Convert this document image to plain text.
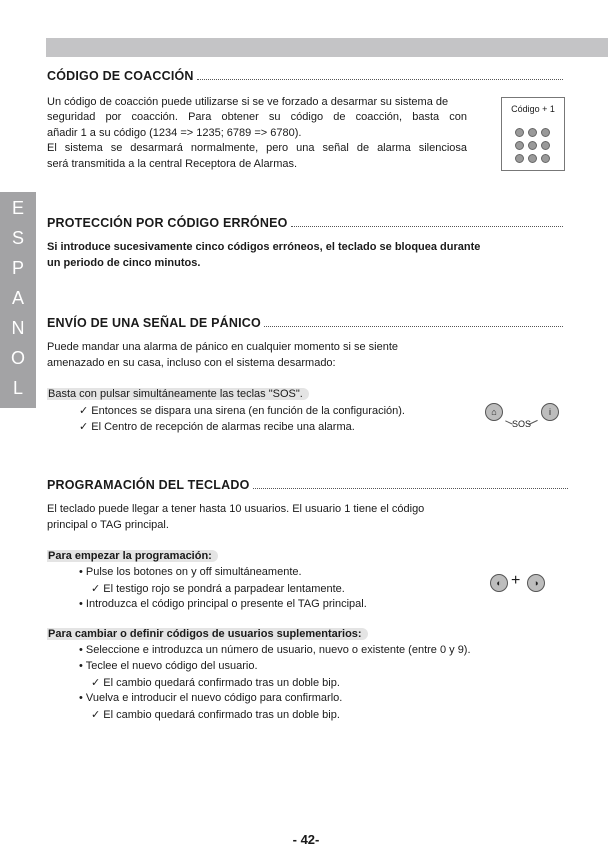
E
S
P
A
N
O
L
CÓDIGO DE COACCIÓN
Un código de coacción puede utilizarse si se ve forzado a desarmar su sistema de
seguridad por coacción. Para obtener su código de coacción, basta con
añadir 1 a su código (1234 => 1235; 6789 => 6780).
El sistema se desarmará normalmente, pero una señal de alarma silenciosa
será transmitida a la central Receptora de Alarmas.
Código + 1
PROTECCIÓN POR CÓDIGO ERRÓNEO
Si introduce sucesivamente cinco códigos erróneos, el teclado se bloquea durante
un periodo de cinco minutos.
ENVÍO DE UNA SEÑAL DE PÁNICO
Puede mandar una alarma de pánico en cualquier momento si se siente
amenazado en su casa, incluso con el sistema desarmado:
Basta con pulsar simultáneamente las teclas "SOS".
✓ Entonces se dispara una sirena (en función de la configuración).
✓ El Centro de recepción de alarmas recibe una alarma.
⌂	i
SOS
PROGRAMACIÓN DEL TECLADO
El teclado puede llegar a tener hasta 10 usuarios. El usuario 1 tiene el código
principal o TAG principal.
Para empezar la programación:
• Pulse los botones on y off simultáneamente.
✓ El testigo rojo se pondrá a parpadear lentamente.
• Introduzca el código principal o presente el TAG principal.
◐ +	◑
Para cambiar o definir códigos de usuarios suplementarios:
• Seleccione e introduzca un número de usuario, nuevo o existente (entre 0 y 9).
• Teclee el nuevo código del usuario.
✓ El cambio quedará confirmado tras un doble bip.
• Vuelva e introducir el nuevo código para confirmarlo.
✓ El cambio quedará confirmado tras un doble bip.
- 42-
